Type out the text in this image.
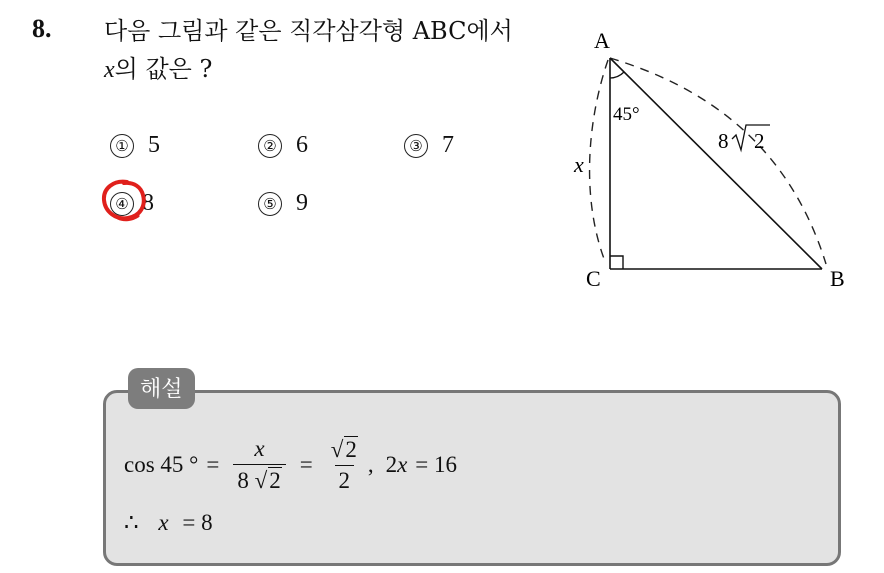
8. 다음 그림과 같은 직각삼각형 ABC에서
x의 값은 ?
① 5	② 6	③ 7
④ 8	⑤ 9
A
B
C
45°
x
8 2
해설
cos 45 ° = $\frac{x}{8 √2} = \frac{√2}{2}$ , 2 x = 16
∴ x = 8
